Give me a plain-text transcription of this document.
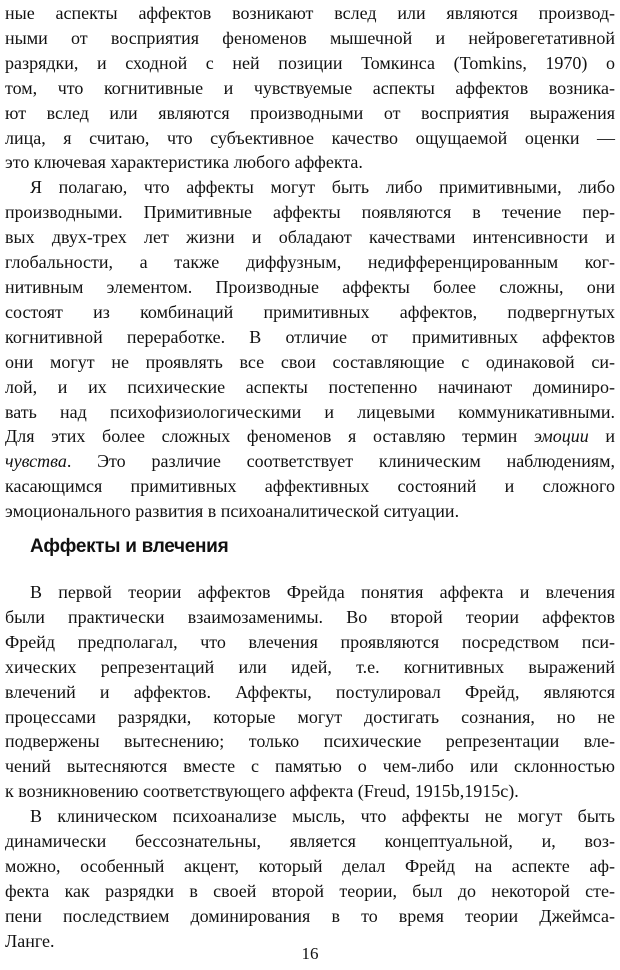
ные аспекты аффектов возникают вслед или являются производ-
ными от восприятия феноменов мышечной и нейровегетативной
разрядки, и сходной с ней позиции Томкинса (Tomkins, 1970) о
том, что когнитивные и чувствуемые аспекты аффектов возника-
ют вслед или являются производными от восприятия выражения
лица, я считаю, что субъективное качество ощущаемой оценки —
это ключевая характеристика любого аффекта.

Я полагаю, что аффекты могут быть либо примитивными, либо
производными. Примитивные аффекты появляются в течение пер-
вых двух-трех лет жизни и обладают качествами интенсивности и
глобальности, а также диффузным, недифференцированным ког-
нитивным элементом. Производные аффекты более сложны, они
состоят из комбинаций примитивных аффектов, подвергнутых
когнитивной переработке. В отличие от примитивных аффектов
они могут не проявлять все свои составляющие с одинаковой си-
лой, и их психические аспекты постепенно начинают доминиро-
вать над психофизиологическими и лицевыми коммуникативными.
Для этих более сложных феноменов я оставляю термин эмоции и
чувства. Это различие соответствует клиническим наблюдениям,
касающимся примитивных аффективных состояний и сложного
эмоционального развития в психоаналитической ситуации.

Аффекты и влечения

В первой теории аффектов Фрейда понятия аффекта и влечения
были практически взаимозаменимы. Во второй теории аффектов
Фрейд предполагал, что влечения проявляются посредством пси-
хических репрезентаций или идей, т.е. когнитивных выражений
влечений и аффектов. Аффекты, постулировал Фрейд, являются
процессами разрядки, которые могут достигать сознания, но не
подвержены вытеснению; только психические репрезентации вле-
чений вытесняются вместе с памятью о чем-либо или склонностью
к возникновению соответствующего аффекта (Freud, 1915b,1915c).

В клиническом психоанализе мысль, что аффекты не могут быть
динамически бессознательны, является концептуальной, и, воз-
можно, особенный акцент, который делал Фрейд на аспекте аф-
фекта как разрядки в своей второй теории, был до некоторой сте-
пени последствием доминирования в то время теории Джеймса-
Ланге.

16
